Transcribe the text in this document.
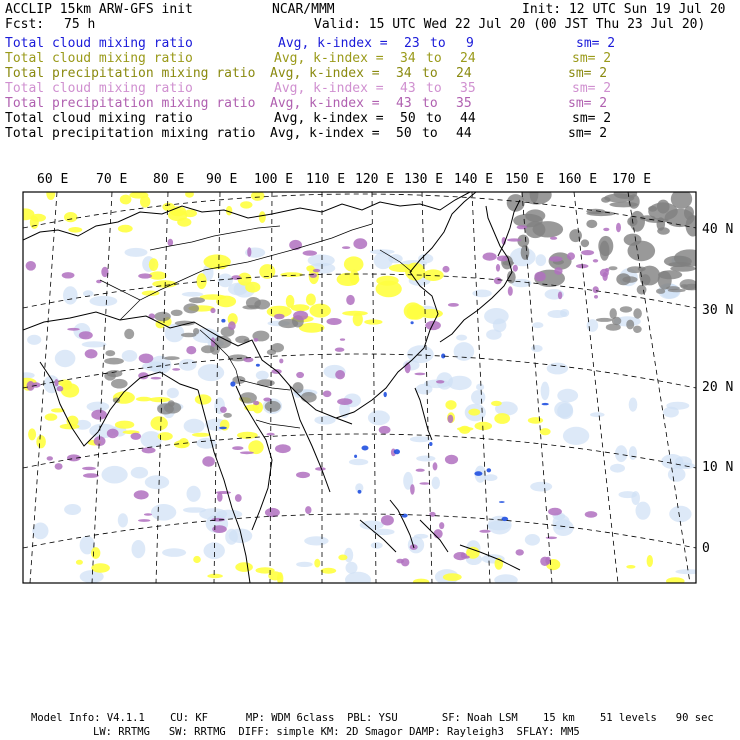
ACCLIP 15km ARW-GFS init	NCAR/MMM	Init: 12 UTC Sun 19 Jul 20
Fcst: 75 h	Valid: 15 UTC Wed 22 Jul 20 (00 JST Thu 23 Jul 20)
Total cloud mixing ratio	Avg, k-index = 23 to 9	sm= 2
Total cloud mixing ratio	Avg, k-index = 34 to 24	sm= 2
Total precipitation mixing ratio Avg, k-index = 34 to 24	sm= 2
Total cloud mixing ratio	Avg, k-index = 43 to 35	sm= 2
Total precipitation mixing ratio Avg, k-index = 43 to 35	sm= 2
Total cloud mixing ratio	Avg, k-index = 50 to 44	sm= 2
Total precipitation mixing ratio Avg, k-index = 50 to 44	sm= 2
60 E 70 E 80 E 90 E 100 E 110 E 120 E 130 E 140 E 150 E 160 E 170 E
40 N
30 N
20 N
10 N
0
Model Info: V4.1.1    CU: KF      MP: WDM 6class  PBL: YSU       SF: Noah LSM    15 km    51 levels   90 sec
LW: RRTMG   SW: RRTMG  DIFF: simple KM: 2D Smagor DAMP: Rayleigh3  SFLAY: MM5
